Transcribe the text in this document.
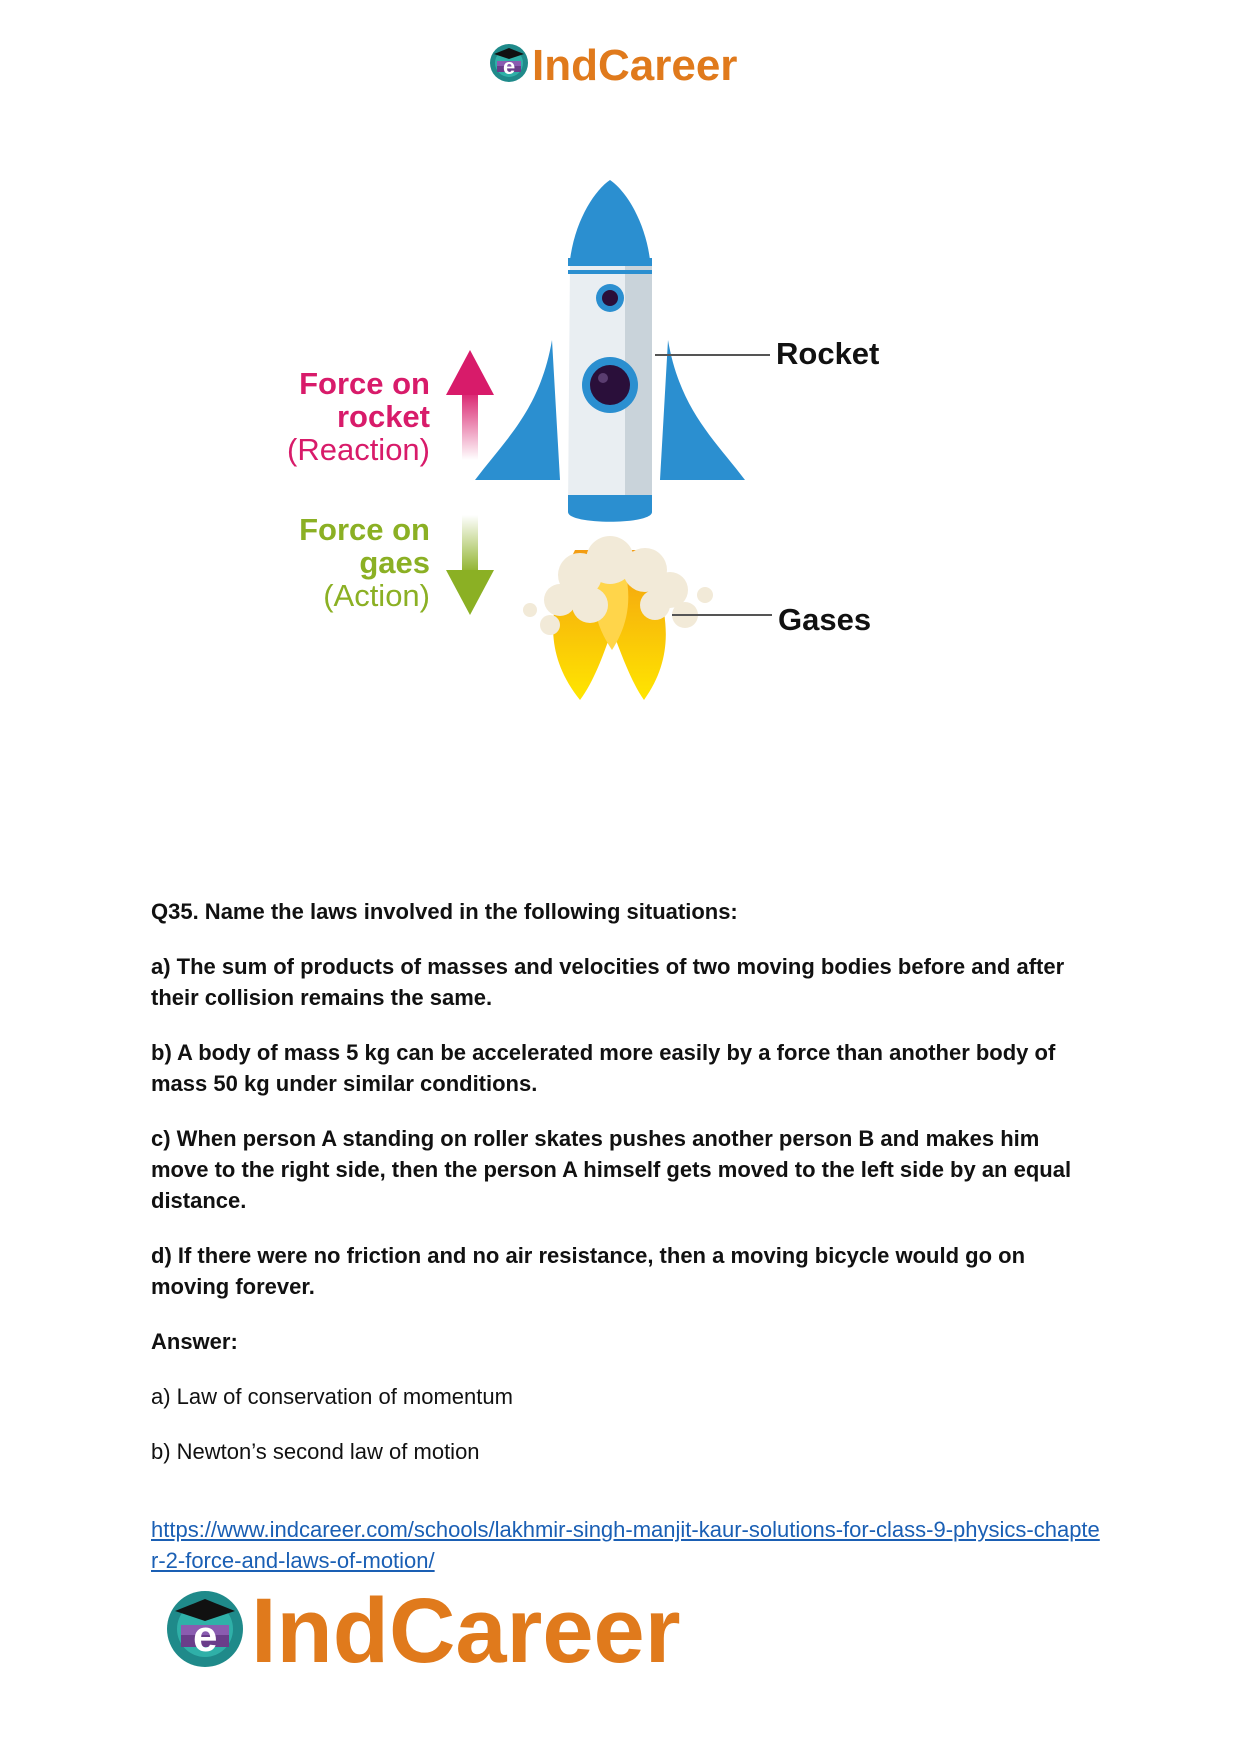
e IndCareer
Force on
rocket
(Reaction)
Force on
gaes
(Action)
Rocket
Gases

Q35. Name the laws involved in the following situations:

a) The sum of products of masses and velocities of two moving bodies before and after their collision remains the same.

b) A body of mass 5 kg can be accelerated more easily by a force than another body of mass 50 kg under similar conditions.

c) When person A standing on roller skates pushes another person B and makes him move to the right side, then the person A himself gets moved to the left side by an equal distance.

d) If there were no friction and no air resistance, then a moving bicycle would go on moving forever.

Answer:

a) Law of conservation of momentum

b) Newton’s second law of motion

https://www.indcareer.com/schools/lakhmir-singh-manjit-kaur-solutions-for-class-9-physics-chapter-2-force-and-laws-of-motion/
e IndCareer
